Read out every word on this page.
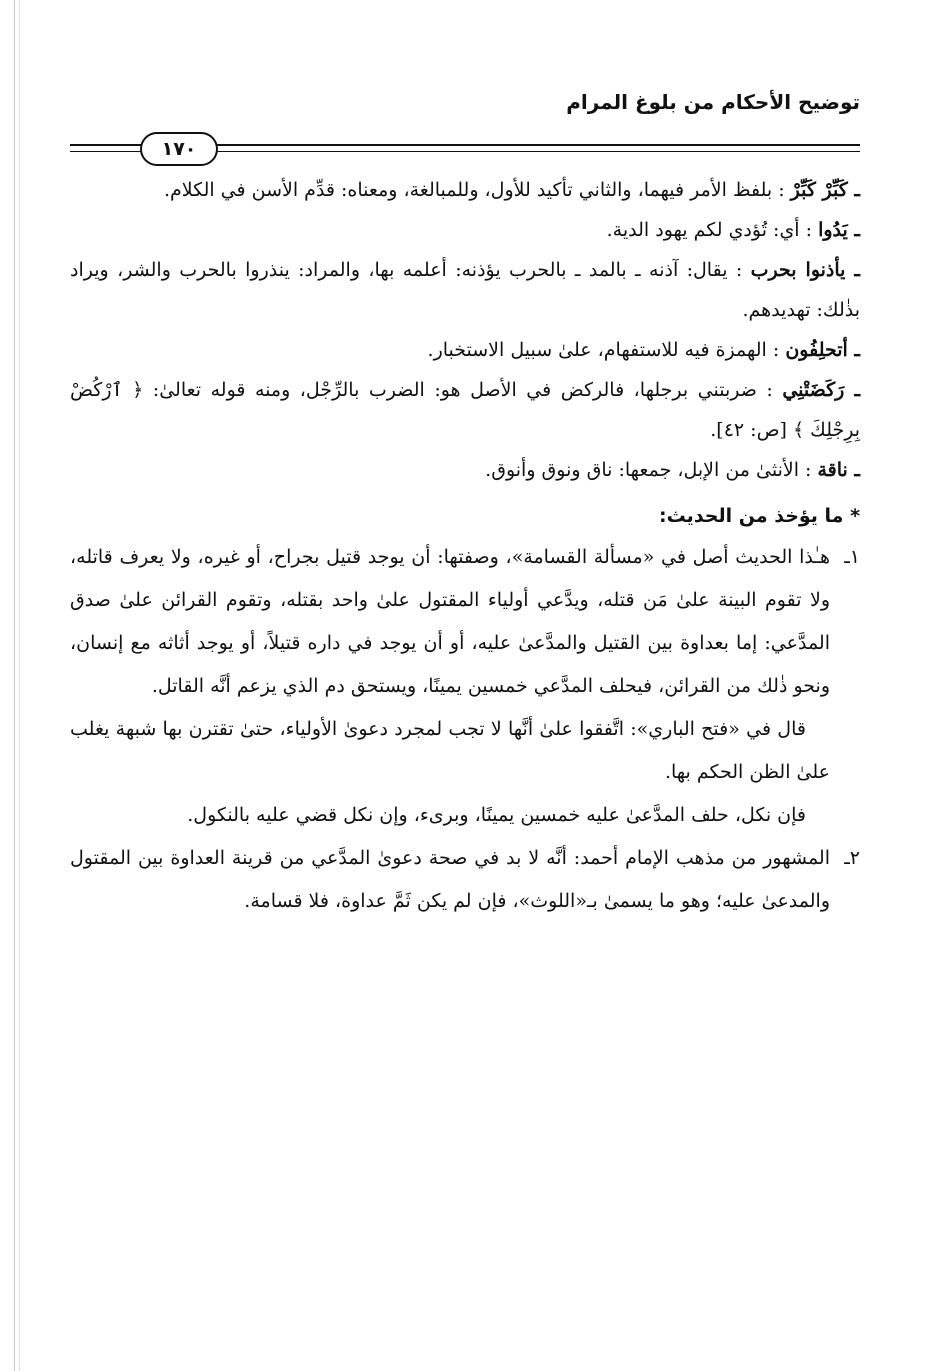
توضيح الأحكام من بلوغ المرام
١٧٠

ـ كَبِّرْ كَبِّرْ : بلفظ الأمر فيهما، والثاني تأكيد للأول، وللمبالغة، ومعناه: قدِّم الأسن في الكلام.

ـ يَدُوا : أي: تُؤدي لكم يهود الدية.

ـ يأذنوا بحرب : يقال: آذنه ـ بالمد ـ بالحرب يؤذنه: أعلمه بها، والمراد: ينذروا بالحرب والشر، ويراد بذٰلك: تهديدهم.

ـ أتحلِفُون : الهمزة فيه للاستفهام، علىٰ سبيل الاستخبار.

ـ رَكَضَتْنِي : ضربتني برجلها، فالركض في الأصل هو: الضرب بالرِّجْل، ومنه قوله تعالىٰ: ﴿ ٱرْكُضْ بِرِجْلِكَ ﴾ [ص: ٤٢].

ـ ناقة : الأنثىٰ من الإبل، جمعها: ناق ونوق وأنوق.

* ما يؤخذ من الحديث:

١ـ
هـٰذا الحديث أصل في «مسألة القسامة»، وصفتها: أن يوجد قتيل بجراح، أو غيره، ولا يعرف قاتله، ولا تقوم البينة علىٰ مَن قتله، ويدَّعي أولياء المقتول علىٰ واحد بقتله، وتقوم القرائن علىٰ صدق المدَّعي: إما بعداوة بين القتيل والمدَّعىٰ عليه، أو أن يوجد في داره قتيلاً، أو يوجد أثاثه مع إنسان، ونحو ذٰلك من القرائن، فيحلف المدَّعي خمسين يمينًا، ويستحق دم الذي يزعم أنَّه القاتل.

قال في «فتح الباري»: اتَّفقوا علىٰ أنَّها لا تجب لمجرد دعوىٰ الأولياء، حتىٰ تقترن بها شبهة يغلب علىٰ الظن الحكم بها.

فإن نكل، حلف المدَّعىٰ عليه خمسين يمينًا، وبرىء، وإن نكل قضي عليه بالنكول.

٢ـ
المشهور من مذهب الإمام أحمد: أنَّه لا بد في صحة دعوىٰ المدَّعي من قرينة العداوة بين المقتول والمدعىٰ عليه؛ وهو ما يسمىٰ بـ«اللوث»، فإن لم يكن ثَمَّ عداوة، فلا قسامة.
